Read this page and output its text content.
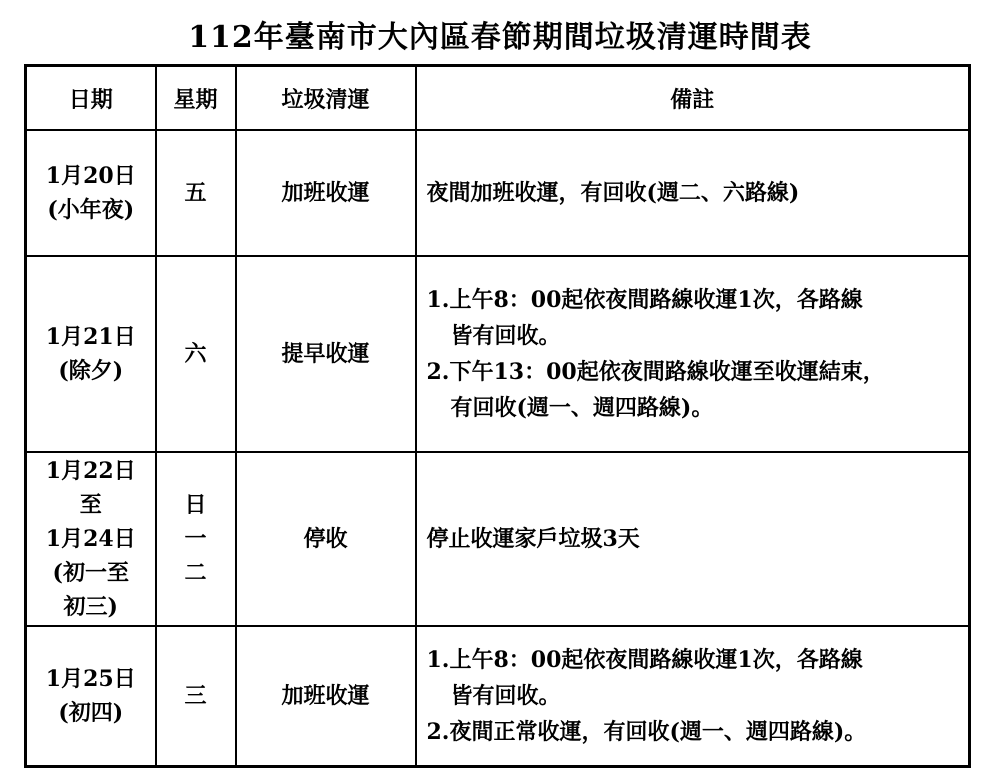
112年臺南市大內區春節期間垃圾清運時間表
日期	星期	垃圾清運	備註

1月20日
(小年夜)	五	加班收運	夜間加班收運，有回收(週二、六路線)

1月21日
(除夕)	六	提早收運	1.上午8：00起依夜間路線收運1次，各路線
皆有回收。
2.下午13：00起依夜間路線收運至收運結束，
有回收(週一、週四路線)。

1月22日
至
1月24日
(初一至
初三)	日
一
二	停收	停止收運家戶垃圾3天

1月25日
(初四)	三	加班收運	1.上午8：00起依夜間路線收運1次，各路線
皆有回收。
2.夜間正常收運，有回收(週一、週四路線)。
